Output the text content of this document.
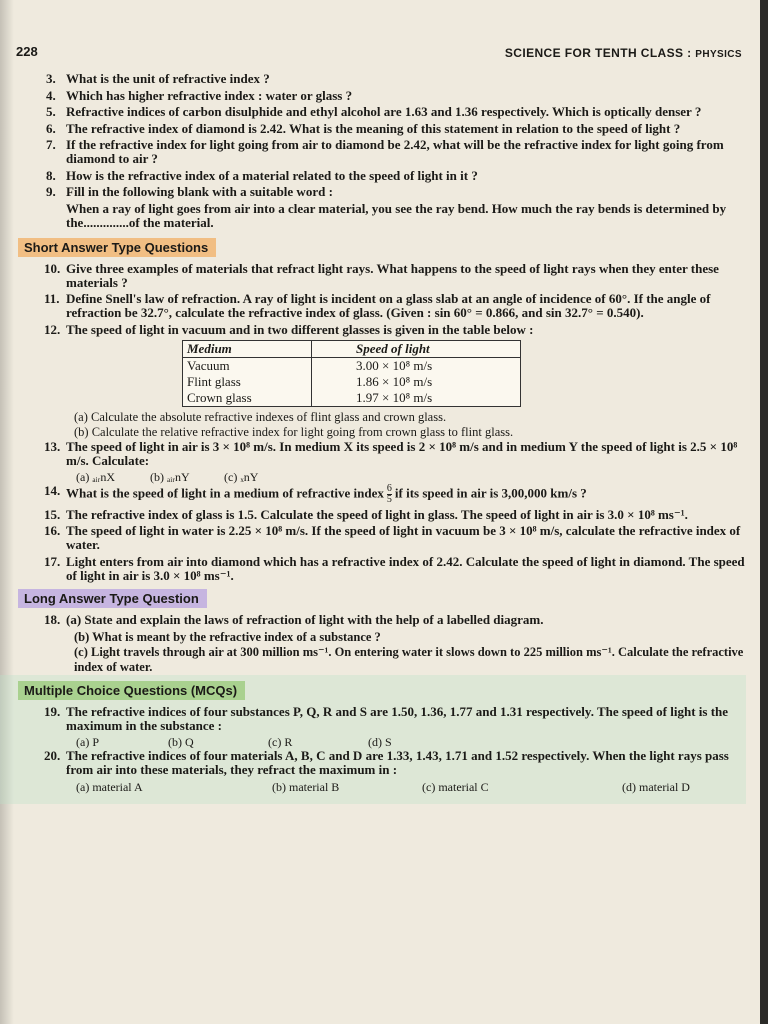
228	SCIENCE FOR TENTH CLASS : PHYSICS
3. What is the unit of refractive index ?
4. Which has higher refractive index : water or glass ?
5. Refractive indices of carbon disulphide and ethyl alcohol are 1.63 and 1.36 respectively. Which is optically denser ?
6. The refractive index of diamond is 2.42. What is the meaning of this statement in relation to the speed of light ?
7. If the refractive index for light going from air to diamond be 2.42, what will be the refractive index for light going from diamond to air ?
8. How is the refractive index of a material related to the speed of light in it ?
9. Fill in the following blank with a suitable word :
When a ray of light goes from air into a clear material, you see the ray bend. How much the ray bends is determined by the..............of the material.
Short Answer Type Questions
10. Give three examples of materials that refract light rays. What happens to the speed of light rays when they enter these materials ?
11. Define Snell's law of refraction. A ray of light is incident on a glass slab at an angle of incidence of 60°. If the angle of refraction be 32.7°, calculate the refractive index of glass. (Given : sin 60° = 0.866, and sin 32.7° = 0.540).
12. The speed of light in vacuum and in two different glasses is given in the table below :
Medium	Speed of light
Vacuum	3.00 × 10⁸ m/s
Flint glass	1.86 × 10⁸ m/s
Crown glass	1.97 × 10⁸ m/s
(a) Calculate the absolute refractive indexes of flint glass and crown glass.
(b) Calculate the relative refractive index for light going from crown glass to flint glass.
13. The speed of light in air is 3 × 10⁸ m/s. In medium X its speed is 2 × 10⁸ m/s and in medium Y the speed of light is 2.5 × 10⁸ m/s. Calculate:
(a) ₐᵢᵣnX	(b) ₐᵢᵣnY	(c) ₓnY
14. What is the speed of light in a medium of refractive index $\frac{6}{5}$ if its speed in air is 3,00,000 km/s ?
15. The refractive index of glass is 1.5. Calculate the speed of light in glass. The speed of light in air is 3.0 × 10⁸ ms⁻¹.
16. The speed of light in water is 2.25 × 10⁸ m/s. If the speed of light in vacuum be 3 × 10⁸ m/s, calculate the refractive index of water.
17. Light enters from air into diamond which has a refractive index of 2.42. Calculate the speed of light in diamond. The speed of light in air is 3.0 × 10⁸ ms⁻¹.
Long Answer Type Question
18. (a) State and explain the laws of refraction of light with the help of a labelled diagram.
(b) What is meant by the refractive index of a substance ?
(c) Light travels through air at 300 million ms⁻¹. On entering water it slows down to 225 million ms⁻¹. Calculate the refractive index of water.
Multiple Choice Questions (MCQs)
19. The refractive indices of four substances P, Q, R and S are 1.50, 1.36, 1.77 and 1.31 respectively. The speed of light is the maximum in the substance :
(a) P	(b) Q	(c) R	(d) S
20. The refractive indices of four materials A, B, C and D are 1.33, 1.43, 1.71 and 1.52 respectively. When the light rays pass from air into these materials, they refract the maximum in :
(a) material A	(b) material B	(c) material C	(d) material D
